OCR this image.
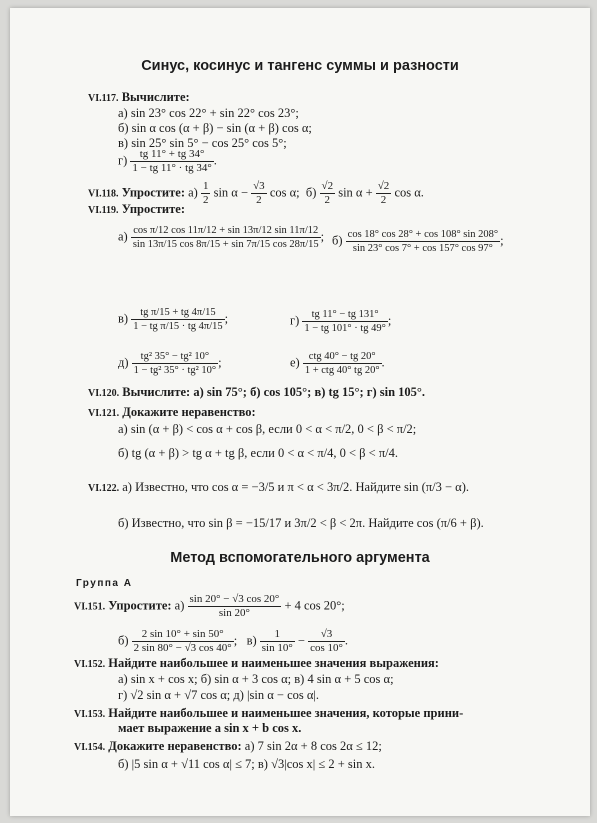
Синус, косинус и тангенс суммы и разности
VI.117. Вычислите:
а) sin 23° cos 22° + sin 22° cos 23°;
б) sin α cos (α + β) − sin (α + β) cos α;
в) sin 25° sin 5° − cos 25° cos 5°;
$г) \frac{tg 11^\circ + tg 34^\circ}{1 - tg 11^\circ \cdot tg 34^\circ}$ .
VI.118. Упростите: $а) \frac{1}{2}$ $\sin \alpha - \frac{√3}{2}$ cos α; $б) \frac{√2}{2}$ $\sin \alpha + \frac{√2}{2}$ cos α.
VI.119. Упростите:
$а) \frac{\text{cos π/12 cos 11π/12 + sin 13π/12 sin 11π/12}}{\sin 13\pi/15 \cos 8\pi/15 + \sin 7\pi/15 \cos 28\pi/15}$ ; $б) \frac{\cos 18^\circ \cos 28^\circ + \cos 108^\circ \sin 208^\circ}{\sin 23^\circ \cos 7^\circ + \cos 157^\circ \cos 97^\circ}$ ;
$в) \frac{\text{tg π/15 + tg 4π/15}}{\text{1 − tg π/15 · tg 4π/15}}$ ;	$г) \frac{tg 11^\circ - tg 131^\circ}{1 - tg 101^\circ \cdot tg 49^\circ}$ ;
$д) \frac{\text{tg² 35° − tg² 10°}}{\text{1 − tg² 35° · tg² 10°}}$ ;	$е) \frac{\text{ctg 40° − tg 20°}}{\text{1 + ctg 40° tg 20°}}$ .
VI.120. Вычислите: а) sin 75°; б) cos 105°; в) tg 15°; г) sin 105°.
VI.121. Докажите неравенство:
а) sin (α + β) < cos α + cos β, если 0 < α < π/2, 0 < β < π/2;
б) tg (α + β) > tg α + tg β, если 0 < α < π/4, 0 < β < π/4.
VI.122. а) Известно, что cos α = −3/5 и π < α < 3π/2. Найдите sin (π/3 − α).
б) Известно, что sin β = −15/17 и 3π/2 < β < 2π. Найдите cos (π/6 + β).
Метод вспомогательного аргумента
Группа А
VI.151. Упростите: $а) \frac{\sin 20^\circ - √3 \cos 20^\circ}{\sin 20^\circ} + 4$ cos 20°;
$б) \frac{2 \sin 10^\circ + \sin 50^\circ}{2 \sin 80^\circ - √3 \cos 40^\circ}$ ;   $в) \frac{1}{\sin 10^\circ} - \frac{√3}{\cos 10^\circ}$ .
VI.152. Найдите наибольшее и наименьшее значения выражения:
а) sin x + cos x; б) sin α + 3 cos α; в) 4 sin α + 5 cos α;
г) √2 sin α + √7 cos α; д) |sin α − cos α|.
VI.153. Найдите наибольшее и наименьшее значения, которые прини-
мает выражение a sin x + b cos x.
VI.154. Докажите неравенство: а) 7 sin 2α + 8 cos 2α ≤ 12;
б) |5 sin α + √11 cos α| ≤ 7; в) √3|cos x| ≤ 2 + sin x.
